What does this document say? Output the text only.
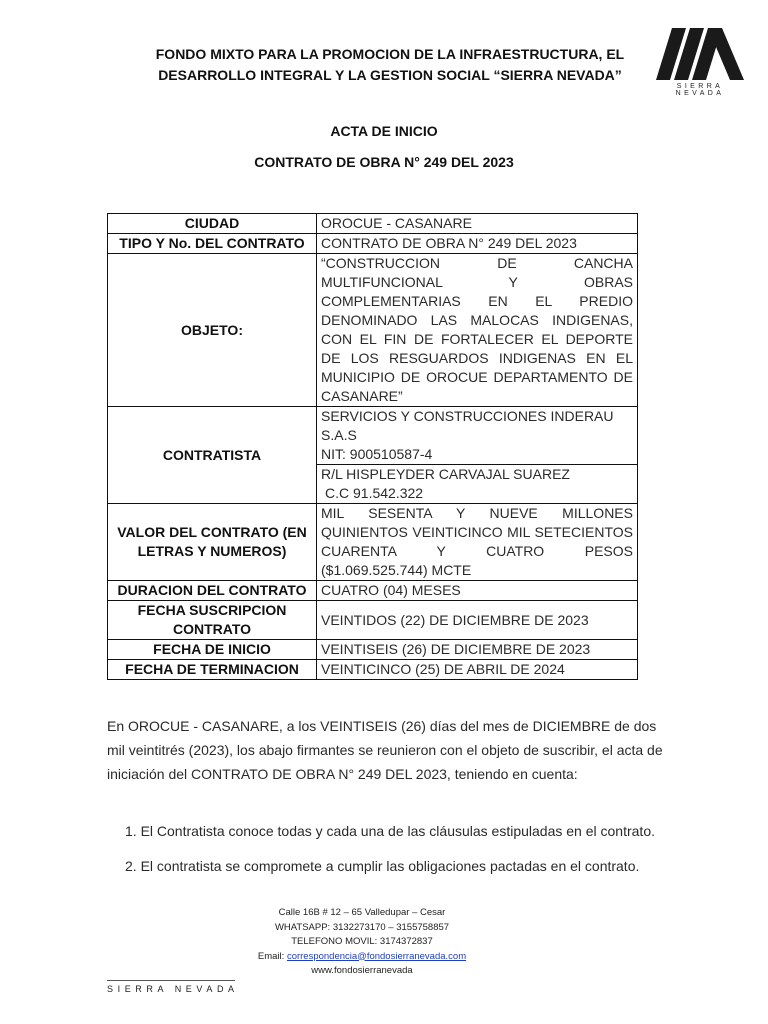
FONDO MIXTO PARA LA PROMOCION DE LA INFRAESTRUCTURA, EL
DESARROLLO INTEGRAL Y LA GESTION SOCIAL “SIERRA NEVADA”
SIERRA NEVADA
ACTA DE INICIO
CONTRATO DE OBRA N° 249 DEL 2023
CIUDAD	OROCUE - CASANARE
TIPO Y No. DEL CONTRATO	CONTRATO DE OBRA N° 249 DEL 2023
OBJETO:	“CONSTRUCCION DE CANCHA MULTIFUNCIONAL Y OBRAS COMPLEMENTARIAS EN EL PREDIO DENOMINADO LAS MALOCAS INDIGENAS, CON EL FIN DE FORTALECER EL DEPORTE DE LOS RESGUARDOS INDIGENAS EN EL MUNICIPIO DE OROCUE DEPARTAMENTO DE CASANARE”
CONTRATISTA	SERVICIOS Y CONSTRUCCIONES INDERAU S.A.S
NIT: 900510587-4

	R/L HISPLEYDER CARVAJAL SUAREZ
C.C 91.542.322

VALOR DEL CONTRATO (EN LETRAS Y NUMEROS)	MIL SESENTA Y NUEVE MILLONES QUINIENTOS VEINTICINCO MIL SETECIENTOS CUARENTA Y CUATRO PESOS ($1.069.525.744) MCTE
DURACION DEL CONTRATO	CUATRO (04) MESES
FECHA SUSCRIPCION CONTRATO	VEINTIDOS (22) DE DICIEMBRE DE 2023
FECHA DE INICIO	VEINTISEIS (26) DE DICIEMBRE DE 2023
FECHA DE TERMINACION	VEINTICINCO (25) DE ABRIL DE 2024
En OROCUE - CASANARE, a los VEINTISEIS (26) días del mes de DICIEMBRE de dos mil veintitrés (2023), los abajo firmantes se reunieron con el objeto de suscribir, el acta de iniciación del CONTRATO DE OBRA N° 249 DEL 2023, teniendo en cuenta:
1. El Contratista conoce todas y cada una de las cláusulas estipuladas en el contrato.
2. El contratista se compromete a cumplir las obligaciones pactadas en el contrato.
Calle 16B # 12 – 65 Valledupar – Cesar
WHATSAPP: 3132273170 – 3155758857
TELEFONO MOVIL: 3174372837
Email: correspondencia@fondosierranevada.com
www.fondosierranevada
SIERRA NEVADA
